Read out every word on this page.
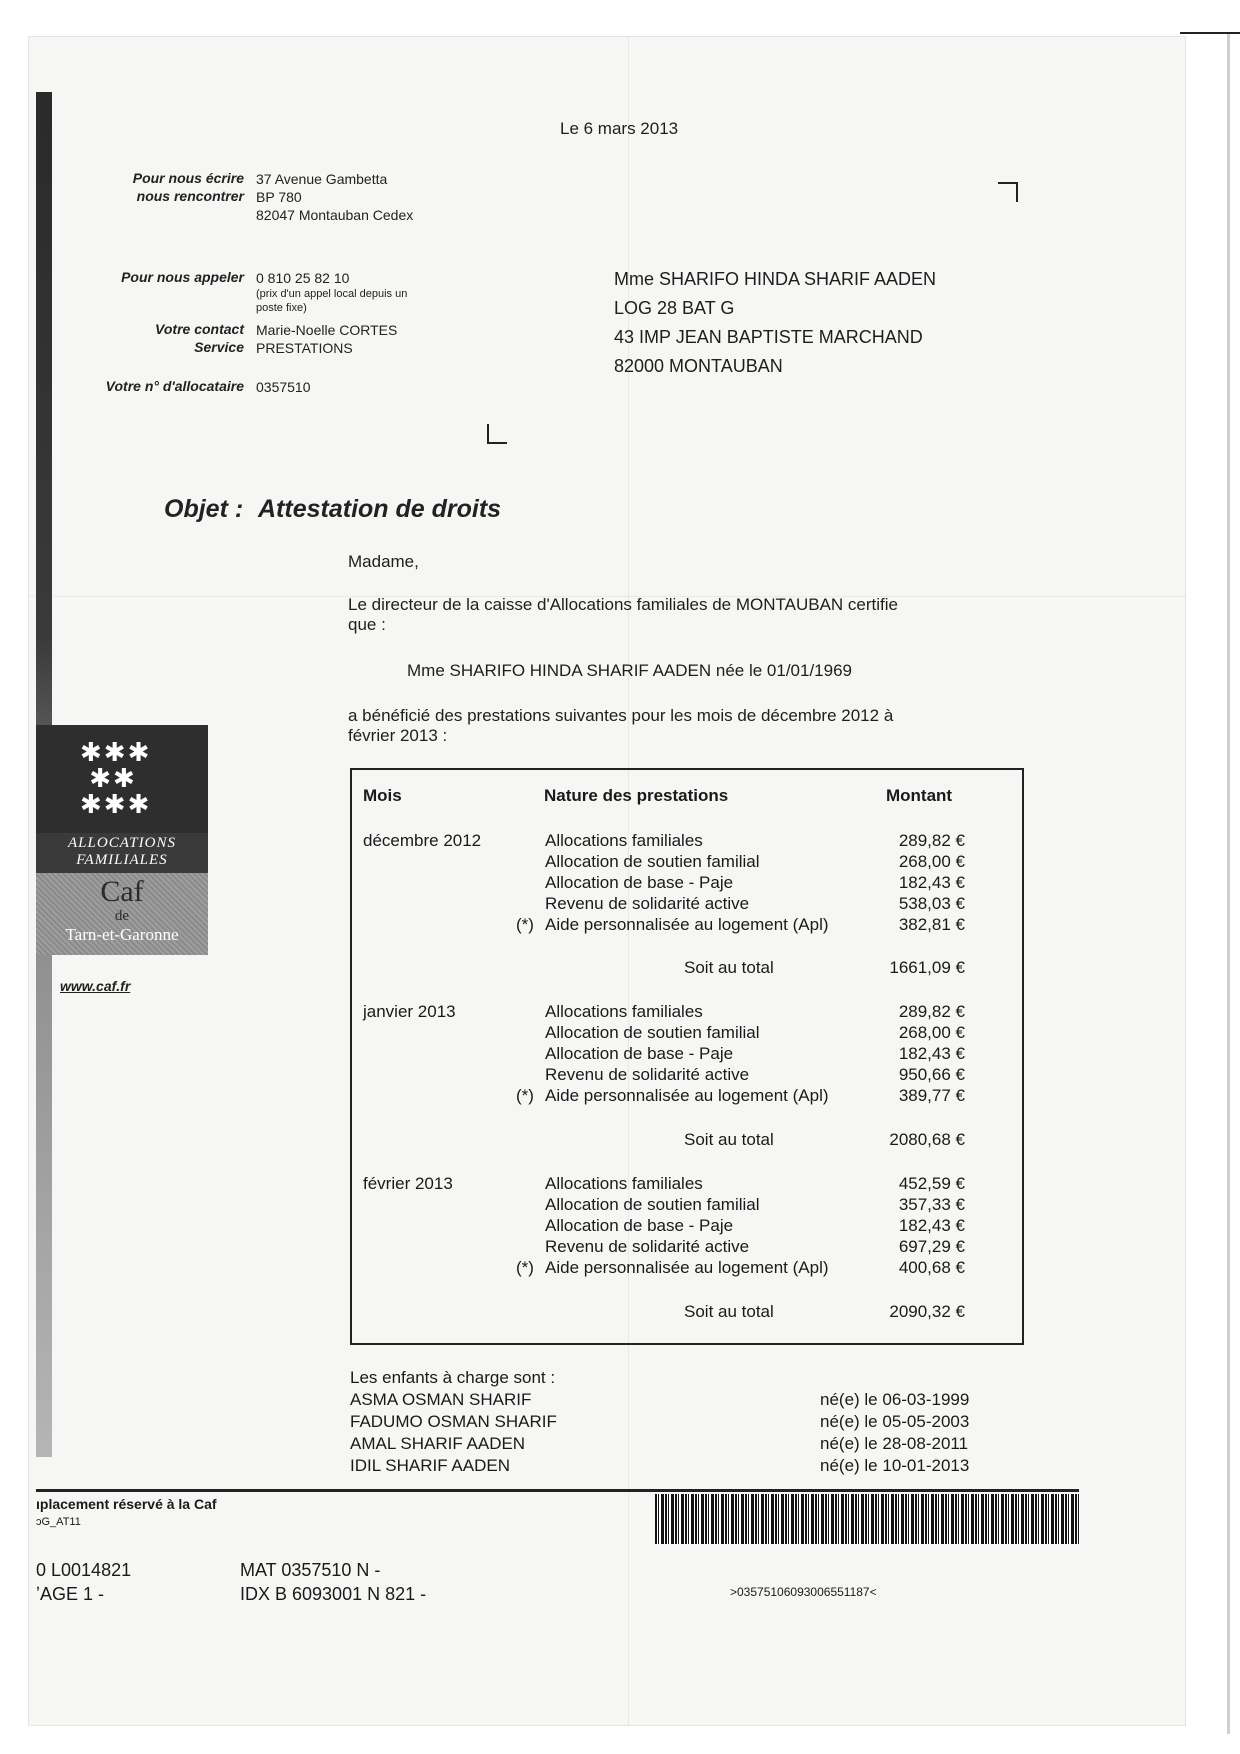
Le 6 mars 2013
Pour nous écrire
nous rencontrer
37 Avenue Gambetta
BP 780
82047 Montauban Cedex
Pour nous appeler 0 810 25 82 10
(prix d'un appel local depuis un
poste fixe)
Votre contact Marie-Noelle CORTES
Service PRESTATIONS
Votre n° d'allocataire 0357510
Mme SHARIFO HINDA SHARIF AADEN
LOG 28 BAT G
43 IMP JEAN BAPTISTE MARCHAND
82000 MONTAUBAN
Objet : Attestation de droits
✱✱✱
✱✱
✱✱✱
ALLOCATIONS
FAMILIALES
Caf
de
Tarn-et-Garonne
www.caf.fr
Madame,
Le directeur de la caisse d'Allocations familiales de MONTAUBAN certifie
que :
Mme SHARIFO HINDA SHARIF AADEN née le 01/01/1969
a bénéficié des prestations suivantes pour les mois de décembre 2012 à
février 2013 :
Mois	Nature des prestations	Montant
décembre 2012	Allocations familiales	289,82 €
Allocation de soutien familial	268,00 €
Allocation de base - Paje	182,43 €
Revenu de solidarité active	538,03 €
(*) Aide personnalisée au logement (Apl)	382,81 €
Soit au total	1661,09 €
janvier 2013	Allocations familiales	289,82 €
Allocation de soutien familial	268,00 €
Allocation de base - Paje	182,43 €
Revenu de solidarité active	950,66 €
(*) Aide personnalisée au logement (Apl)	389,77 €
Soit au total	2080,68 €
février 2013	Allocations familiales	452,59 €
Allocation de soutien familial	357,33 €
Allocation de base - Paje	182,43 €
Revenu de solidarité active	697,29 €
(*) Aide personnalisée au logement (Apl)	400,68 €
Soit au total	2090,32 €
Les enfants à charge sont :
ASMA OSMAN SHARIF	né(e) le 06-03-1999
FADUMO OSMAN SHARIF	né(e) le 05-05-2003
AMAL SHARIF AADEN	né(e) le 28-08-2011
IDIL SHARIF AADEN	né(e) le 10-01-2013
ıplacement réservé à la Caf
ɔG_AT11
0 L0014821
ʼAGE 1 -
MAT 0357510 N -
IDX B 6093001 N 821 -	>0357510609300655​1187<
